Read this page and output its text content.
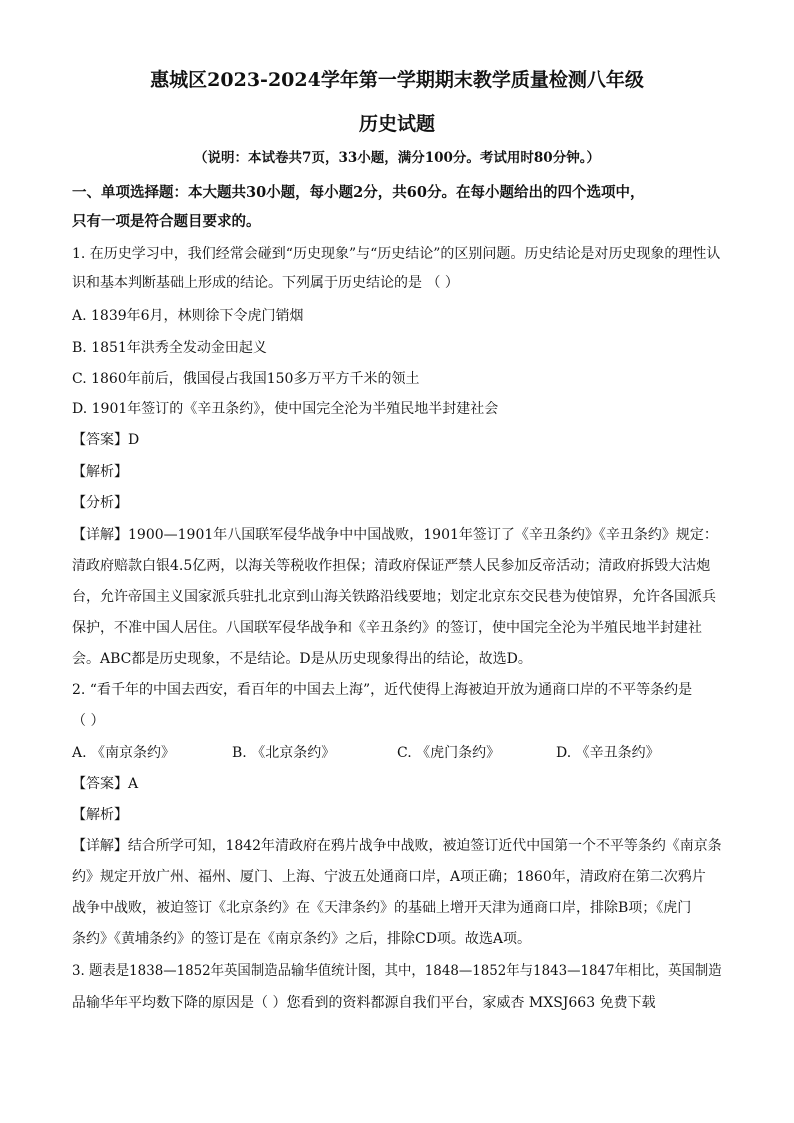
惠城区2023-2024学年第一学期期末教学质量检测八年级
历史试题
（说明：本试卷共7页，33小题，满分100分。考试用时80分钟。）
一、单项选择题：本大题共30小题，每小题2分，共60分。在每小题给出的四个选项中，
只有一项是符合题目要求的。
1. 在历史学习中，我们经常会碰到“历史现象”与“历史结论”的区别问题。历史结论是对历史现象的理性认
识和基本判断基础上形成的结论。下列属于历史结论的是 （ ）
A. 1839年6月，林则徐下令虎门销烟
B. 1851年洪秀全发动金田起义
C. 1860年前后，俄国侵占我国150多万平方千米的领土
D. 1901年签订的《辛丑条约》，使中国完全沦为半殖民地半封建社会
【答案】D
【解析】
【分析】
【详解】1900—1901年八国联军侵华战争中中国战败，1901年签订了《辛丑条约》《辛丑条约》规定：
清政府赔款白银4.5亿两，以海关等税收作担保；清政府保证严禁人民参加反帝活动；清政府拆毁大沽炮
台，允许帝国主义国家派兵驻扎北京到山海关铁路沿线要地；划定北京东交民巷为使馆界，允许各国派兵
保护，不准中国人居住。八国联军侵华战争和《辛丑条约》的签订，使中国完全沦为半殖民地半封建社
会。ABC都是历史现象，不是结论。D是从历史现象得出的结论，故选D。
2. “看千年的中国去西安，看百年的中国去上海”，近代使得上海被迫开放为通商口岸的不平等条约是
（ ）
A. 《南京条约》	B. 《北京条约》	C. 《虎门条约》	D. 《辛丑条约》
【答案】A
【解析】
【详解】结合所学可知，1842年清政府在鸦片战争中战败，被迫签订近代中国第一个不平等条约《南京条
约》规定开放广州、福州、厦门、上海、宁波五处通商口岸，A项正确；1860年，清政府在第二次鸦片
战争中战败，被迫签订《北京条约》在《天津条约》的基础上增开天津为通商口岸，排除B项；《虎门
条约》《黄埔条约》的签订是在《南京条约》之后，排除CD项。故选A项。
3. 题表是1838—1852年英国制造品输华值统计图，其中，1848—1852年与1843—1847年相比，英国制造
品输华年平均数下降的原因是（ ）您看到的资料都源自我们平台，家威杏 MXSJ663 免费下载
